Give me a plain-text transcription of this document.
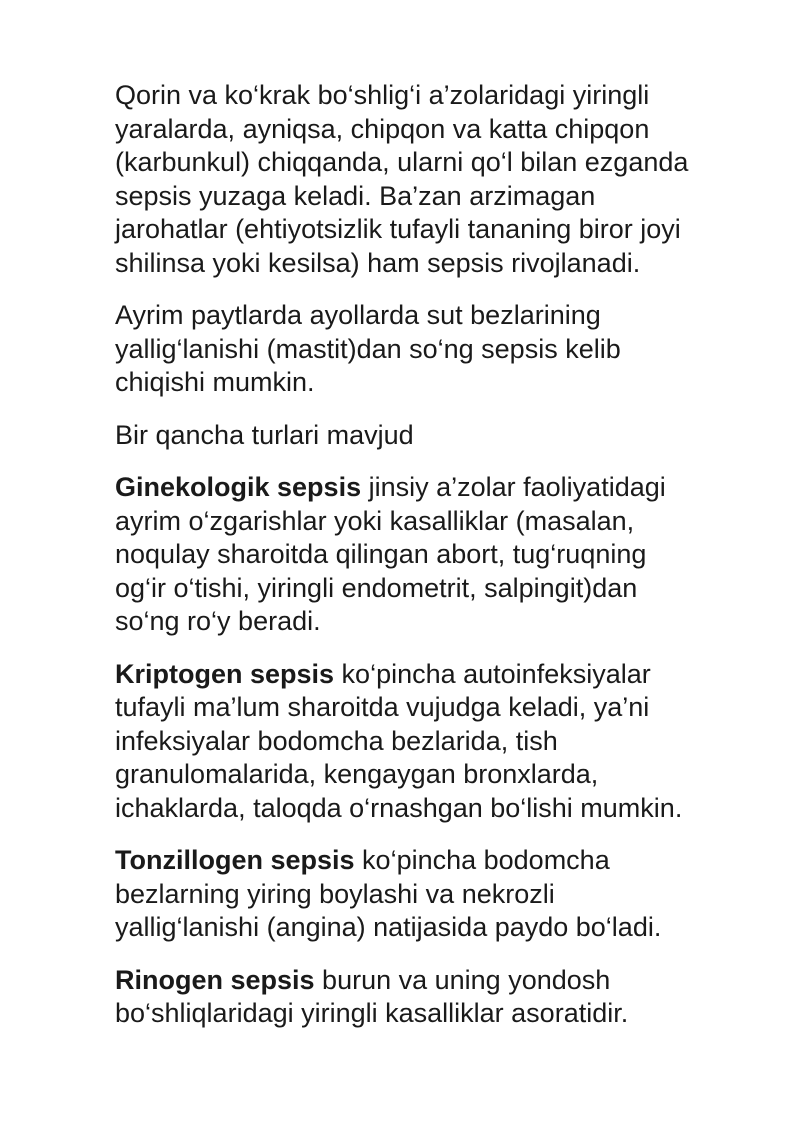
Qorin va ko‘krak bo‘shlig‘i a’zolaridagi yiringli
yaralarda, ayniqsa, chipqon va katta chipqon
(karbunkul) chiqqanda, ularni qo‘l bilan ezganda
sepsis yuzaga keladi. Ba’zan arzimagan
jarohatlar (ehtiyotsizlik tufayli tananing biror joyi
shilinsa yoki kesilsa) ham sepsis rivojlanadi.

Ayrim paytlarda ayollarda sut bezlarining
yallig‘lanishi (mastit)dan so‘ng sepsis kelib
chiqishi mumkin.

Bir qancha turlari mavjud

Ginekologik sepsis jinsiy a’zolar faoliyatidagi
ayrim o‘zgarishlar yoki kasalliklar (masalan,
noqulay sharoitda qilingan abort, tug‘ruqning
og‘ir o‘tishi, yiringli endometrit, salpingit)dan
so‘ng ro‘y beradi.

Kriptogen sepsis ko‘pincha autoinfeksiyalar
tufayli ma’lum sharoitda vujudga keladi, ya’ni
infeksiyalar bodomcha bezlarida, tish
granulomalarida, kengaygan bronxlarda,
ichaklarda, taloqda o‘rnashgan bo‘lishi mumkin.

Tonzillogen sepsis ko‘pincha bodomcha
bezlarning yiring boylashi va nekrozli
yallig‘lanishi (angina) natijasida paydo bo‘ladi.

Rinogen sepsis burun va uning yondosh
bo‘shliqlaridagi yiringli kasalliklar asoratidir.
